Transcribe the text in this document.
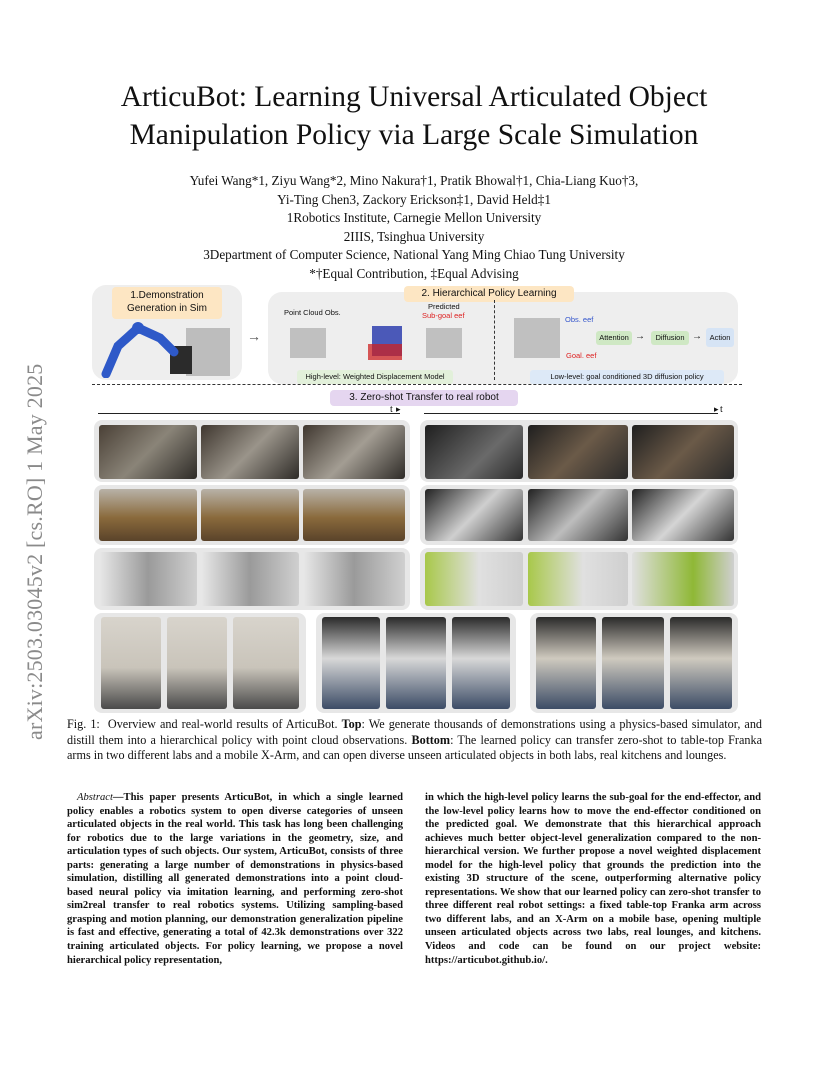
arXiv:2503.03045v2 [cs.RO] 1 May 2025
ArticuBot: Learning Universal Articulated Object
Manipulation Policy via Large Scale Simulation
Yufei Wang*1, Ziyu Wang*2, Mino Nakura†1, Pratik Bhowal†1, Chia-Liang Kuo†3,
Yi-Ting Chen3, Zackory Erickson‡1, David Held‡1
1Robotics Institute, Carnegie Mellon University
2IIIS, Tsinghua University
3Department of Computer Science, National Yang Ming Chiao Tung University
*†Equal Contribution, ‡Equal Advising
1.Demonstration Generation in Sim
→
2. Hierarchical Policy Learning
Point Cloud Obs.
Predicted
Sub-goal eef	Obs. eef
Goal. eef
Attention →	Diffusion →	Action
High-level: Weighted Displacement Model	Low-level: goal conditioned 3D diffusion policy
3. Zero-shot Transfer to real robot
▸
t	▸ t
Fig. 1: Overview and real-world results of ArticuBot. Top: We generate thousands of demonstrations using a physics-based simulator, and distill them into a hierarchical policy with point cloud observations. Bottom: The learned policy can transfer zero-shot to table-top Franka arms in two different labs and a mobile X-Arm, and can open diverse unseen articulated objects in both labs, real kitchens and lounges.
Abstract—This paper presents ArticuBot, in which a single learned policy enables a robotics system to open diverse categories of unseen articulated objects in the real world. This task has long been challenging for robotics due to the large variations in the geometry, size, and articulation types of such objects. Our system, ArticuBot, consists of three parts: generating a large number of demonstrations in physics-based simulation, distilling all generated demonstrations into a point cloud-based neural policy via imitation learning, and performing zero-shot sim2real transfer to real robotics systems. Utilizing sampling-based grasping and motion planning, our demonstration generalization pipeline is fast and effective, generating a total of 42.3k demonstrations over 322 training articulated objects. For policy learning, we propose a novel hierarchical policy representation,
in which the high-level policy learns the sub-goal for the end-effector, and the low-level policy learns how to move the end-effector conditioned on the predicted goal. We demonstrate that this hierarchical approach achieves much better object-level generalization compared to the non-hierarchical version. We further propose a novel weighted displacement model for the high-level policy that grounds the prediction into the existing 3D structure of the scene, outperforming alternative policy representations. We show that our learned policy can zero-shot transfer to three different real robot settings: a fixed table-top Franka arm across two different labs, and an X-Arm on a mobile base, opening multiple unseen articulated objects across two labs, real lounges, and kitchens. Videos and code can be found on our project website: https://articubot.github.io/.
